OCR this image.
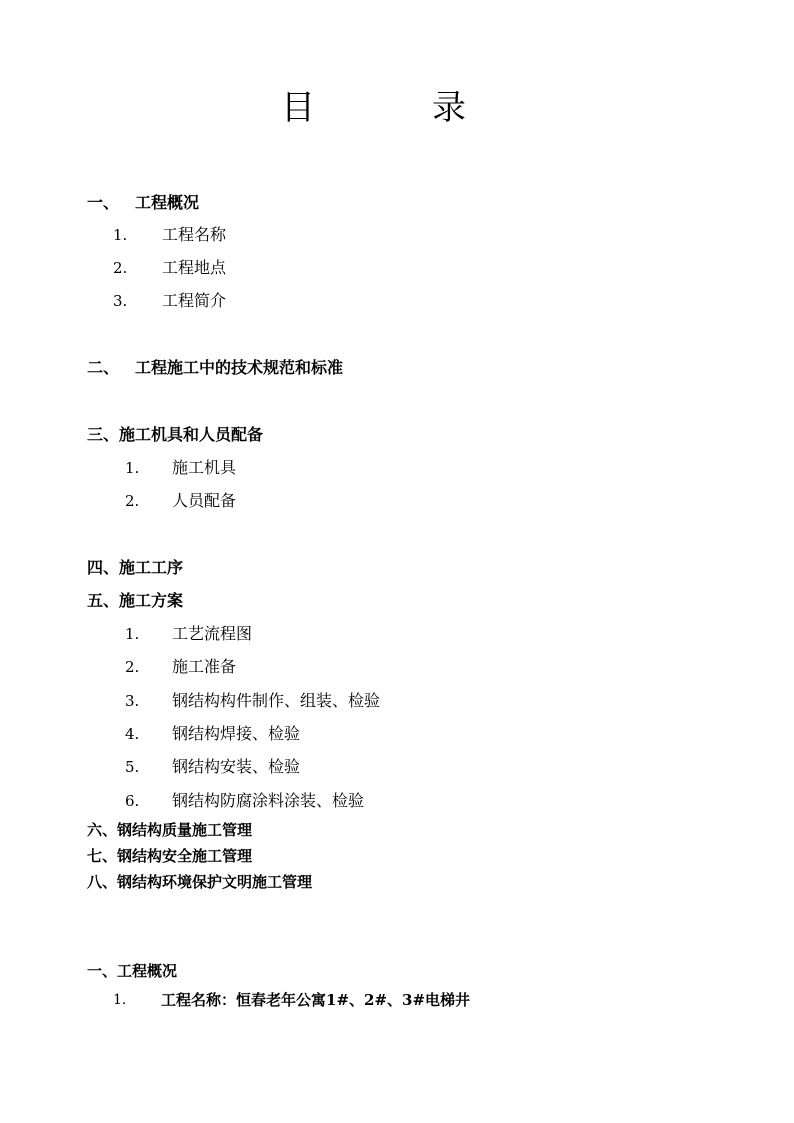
目	录
一、 工程概况
1. 工程名称
2. 工程地点
3. 工程简介
二、 工程施工中的技术规范和标准
三、施工机具和人员配备
1. 施工机具
2. 人员配备
四、施工工序
五、施工方案
1. 工艺流程图
2. 施工准备
3. 钢结构构件制作、组装、检验
4. 钢结构焊接、检验
5. 钢结构安装、检验
6. 钢结构防腐涂料涂装、检验
六、钢结构质量施工管理
七、钢结构安全施工管理
八、钢结构环境保护文明施工管理
一、工程概况
1. 工程名称：恒春老年公寓1#、2#、3#电梯井
